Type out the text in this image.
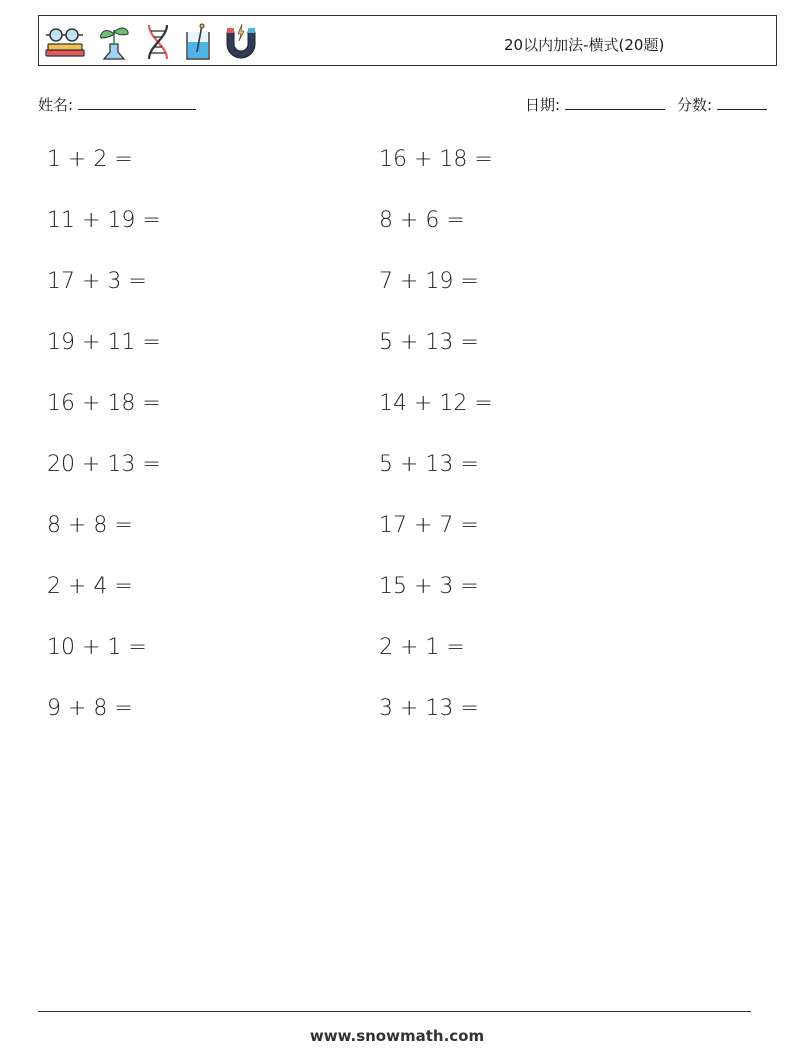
20以内加法-横式(20题)
姓名:	日期:	分数:
1 + 2 =	16 + 18 =
11 + 19 =	8 + 6 =
17 + 3 =	7 + 19 =
19 + 11 =	5 + 13 =
16 + 18 =	14 + 12 =
20 + 13 =	5 + 13 =
8 + 8 =	17 + 7 =
2 + 4 =	15 + 3 =
10 + 1 =	2 + 1 =
9 + 8 =	3 + 13 =
www.snowmath.com
